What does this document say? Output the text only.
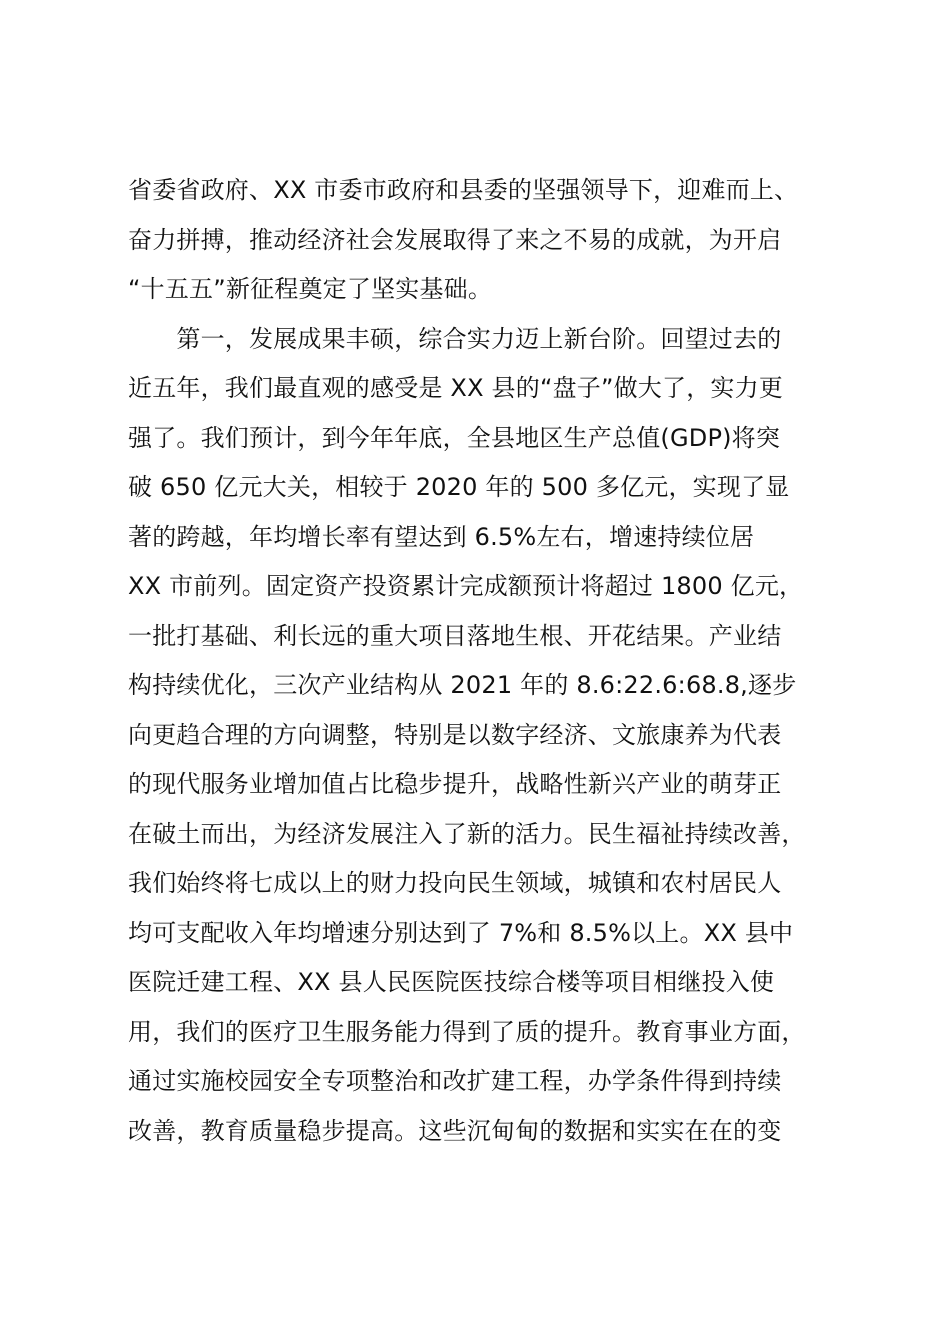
省委省政府、XX 市委市政府和县委的坚强领导下，迎难而上、
奋力拼搏，推动经济社会发展取得了来之不易的成就，为开启
“十五五”新征程奠定了坚实基础。
　　第一，发展成果丰硕，综合实力迈上新台阶。回望过去的
近五年，我们最直观的感受是 XX 县的“盘子”做大了，实力更
强了。我们预计，到今年年底，全县地区生产总值(GDP)将突
破 650 亿元大关，相较于 2020 年的 500 多亿元，实现了显
著的跨越，年均增长率有望达到 6.5%左右，增速持续位居
XX 市前列。固定资产投资累计完成额预计将超过 1800 亿元，
一批打基础、利长远的重大项目落地生根、开花结果。产业结
构持续优化，三次产业结构从 2021 年的 8.6:22.6:68.8,逐步
向更趋合理的方向调整，特别是以数字经济、文旅康养为代表
的现代服务业增加值占比稳步提升，战略性新兴产业的萌芽正
在破土而出，为经济发展注入了新的活力。民生福祉持续改善，
我们始终将七成以上的财力投向民生领域，城镇和农村居民人
均可支配收入年均增速分别达到了 7%和 8.5%以上。XX 县中
医院迁建工程、XX 县人民医院医技综合楼等项目相继投入使
用，我们的医疗卫生服务能力得到了质的提升。教育事业方面，
通过实施校园安全专项整治和改扩建工程，办学条件得到持续
改善，教育质量稳步提高。这些沉甸甸的数据和实实在在的变
